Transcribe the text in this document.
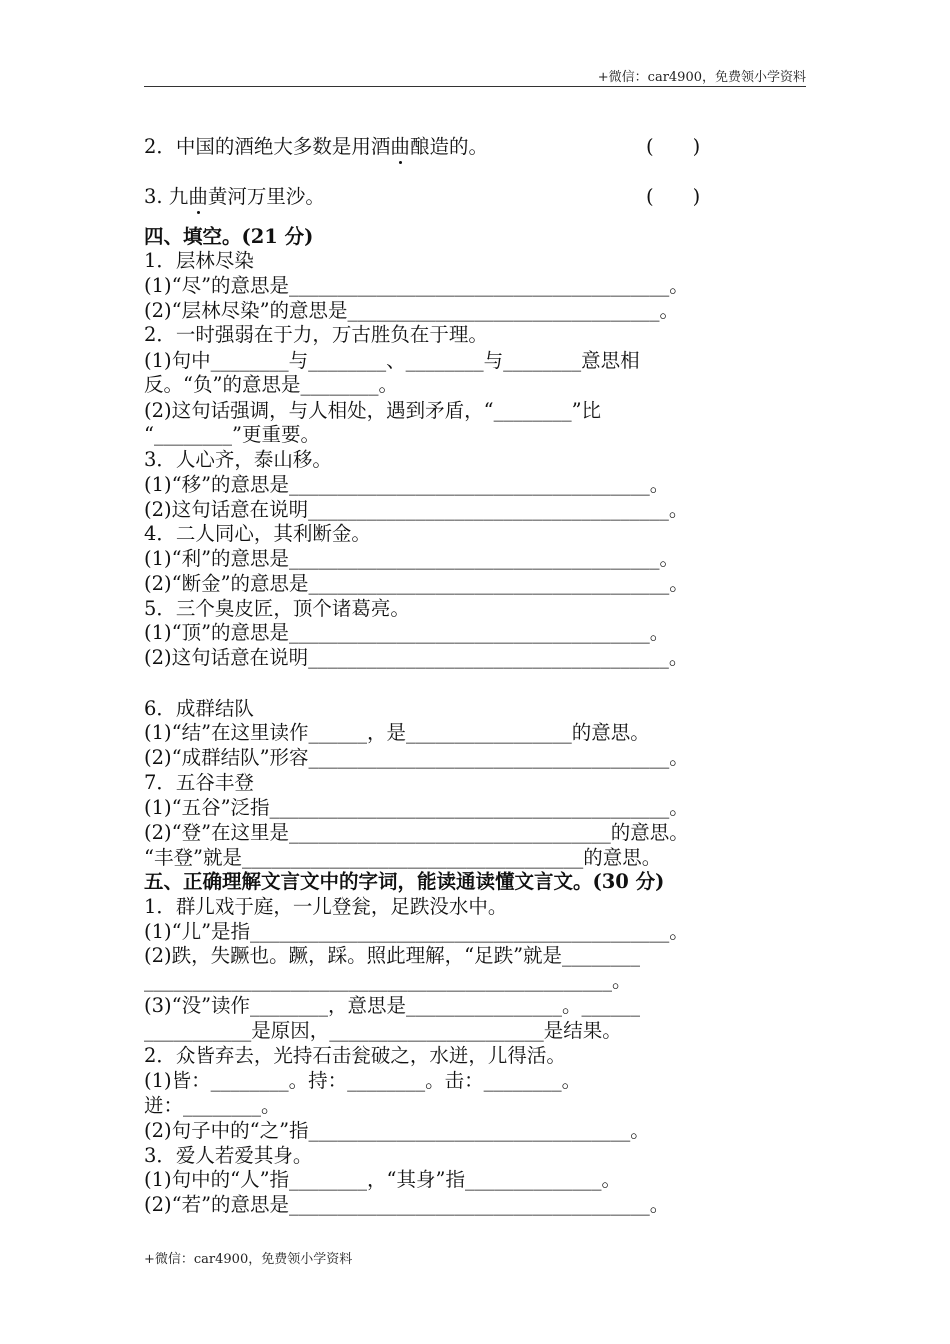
+微信：car4900，免费领小学资料
2．中国的酒绝大多数是用酒曲酿造的。	(　　)
3. 九曲黄河万里沙。	(　　)
四、填空。(21 分)
1．层林尽染
(1)“尽”的意思是_______________________________________。
(2)“层林尽染”的意思是________________________________。
2．一时强弱在于力，万古胜负在于理。
(1)句中________与________、________与________意思相
反。“负”的意思是________。
(2)这句话强调，与人相处，遇到矛盾，“________”比
“________”更重要。
3．人心齐，泰山移。
(1)“移”的意思是_____________________________________。
(2)这句话意在说明_____________________________________。
4．二人同心，其利断金。
(1)“利”的意思是______________________________________。
(2)“断金”的意思是_____________________________________。
5．三个臭皮匠，顶个诸葛亮。
(1)“顶”的意思是_____________________________________。
(2)这句话意在说明_____________________________________。
6．成群结队
(1)“结”在这里读作______，是_________________的意思。
(2)“成群结队”形容_____________________________________。
7．五谷丰登
(1)“五谷”泛指_________________________________________。
(2)“登”在这里是_________________________________的意思。
“丰登”就是___________________________________的意思。
五、正确理解文言文中的字词，能读通读懂文言文。(30 分)
1．群儿戏于庭，一儿登瓮，足跌没水中。
(1)“儿”是指___________________________________________。
(2)跌，失蹶也。蹶，踩。照此理解，“足跌”就是________
________________________________________________。
(3)“没”读作________，意思是________________。______
___________是原因，______________________是结果。
2．众皆弃去，光持石击瓮破之，水迸，儿得活。
(1)皆：________。持：________。击：________。
迸：________。
(2)句子中的“之”指_________________________________。
3．爱人若爱其身。
(1)句中的“人”指________，“其身”指______________。
(2)“若”的意思是_____________________________________。
+微信：car4900，免费领小学资料
